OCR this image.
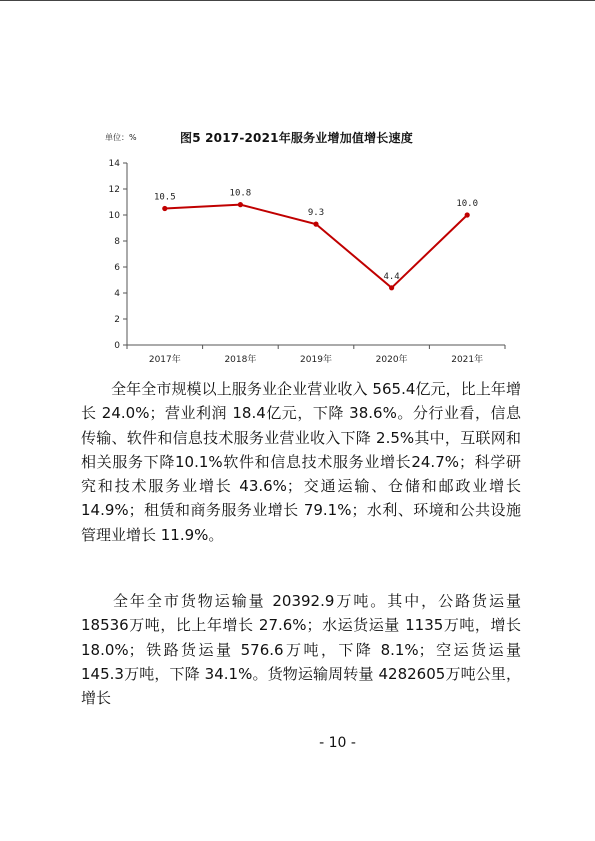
单位：%	图5 2017-2021年服务业增加值增长速度
0
2
4
6
8
10
12
14
2017年	2018年	2019年	2020年	2021年
10.5	10.8
9.3
4.4
10.0

全年全市规模以上服务业企业营业收入 565.4亿元，比上年增长 24.0%；营业利润 18.4亿元，下降 38.6%。分行业看，信息传输、软件和信息技术服务业营业收入下降 2.5%其中，互联网和相关服务下降10.1%软件和信息技术服务业增长24.7%；科学研究和技术服务业增长 43.6%；交通运输、仓储和邮政业增长 14.9%；租赁和商务服务业增长 79.1%；水利、环境和公共设施管理业增长 11.9%。

全年全市货物运输量 20392.9万吨。其中，公路货运量18536万吨，比上年增长 27.6%；水运货运量 1135万吨，增长18.0%；铁路货运量 576.6万吨，下降 8.1%；空运货运量 145.3万吨，下降 34.1%。货物运输周转量 4282605万吨公里，增长

- 10 -
